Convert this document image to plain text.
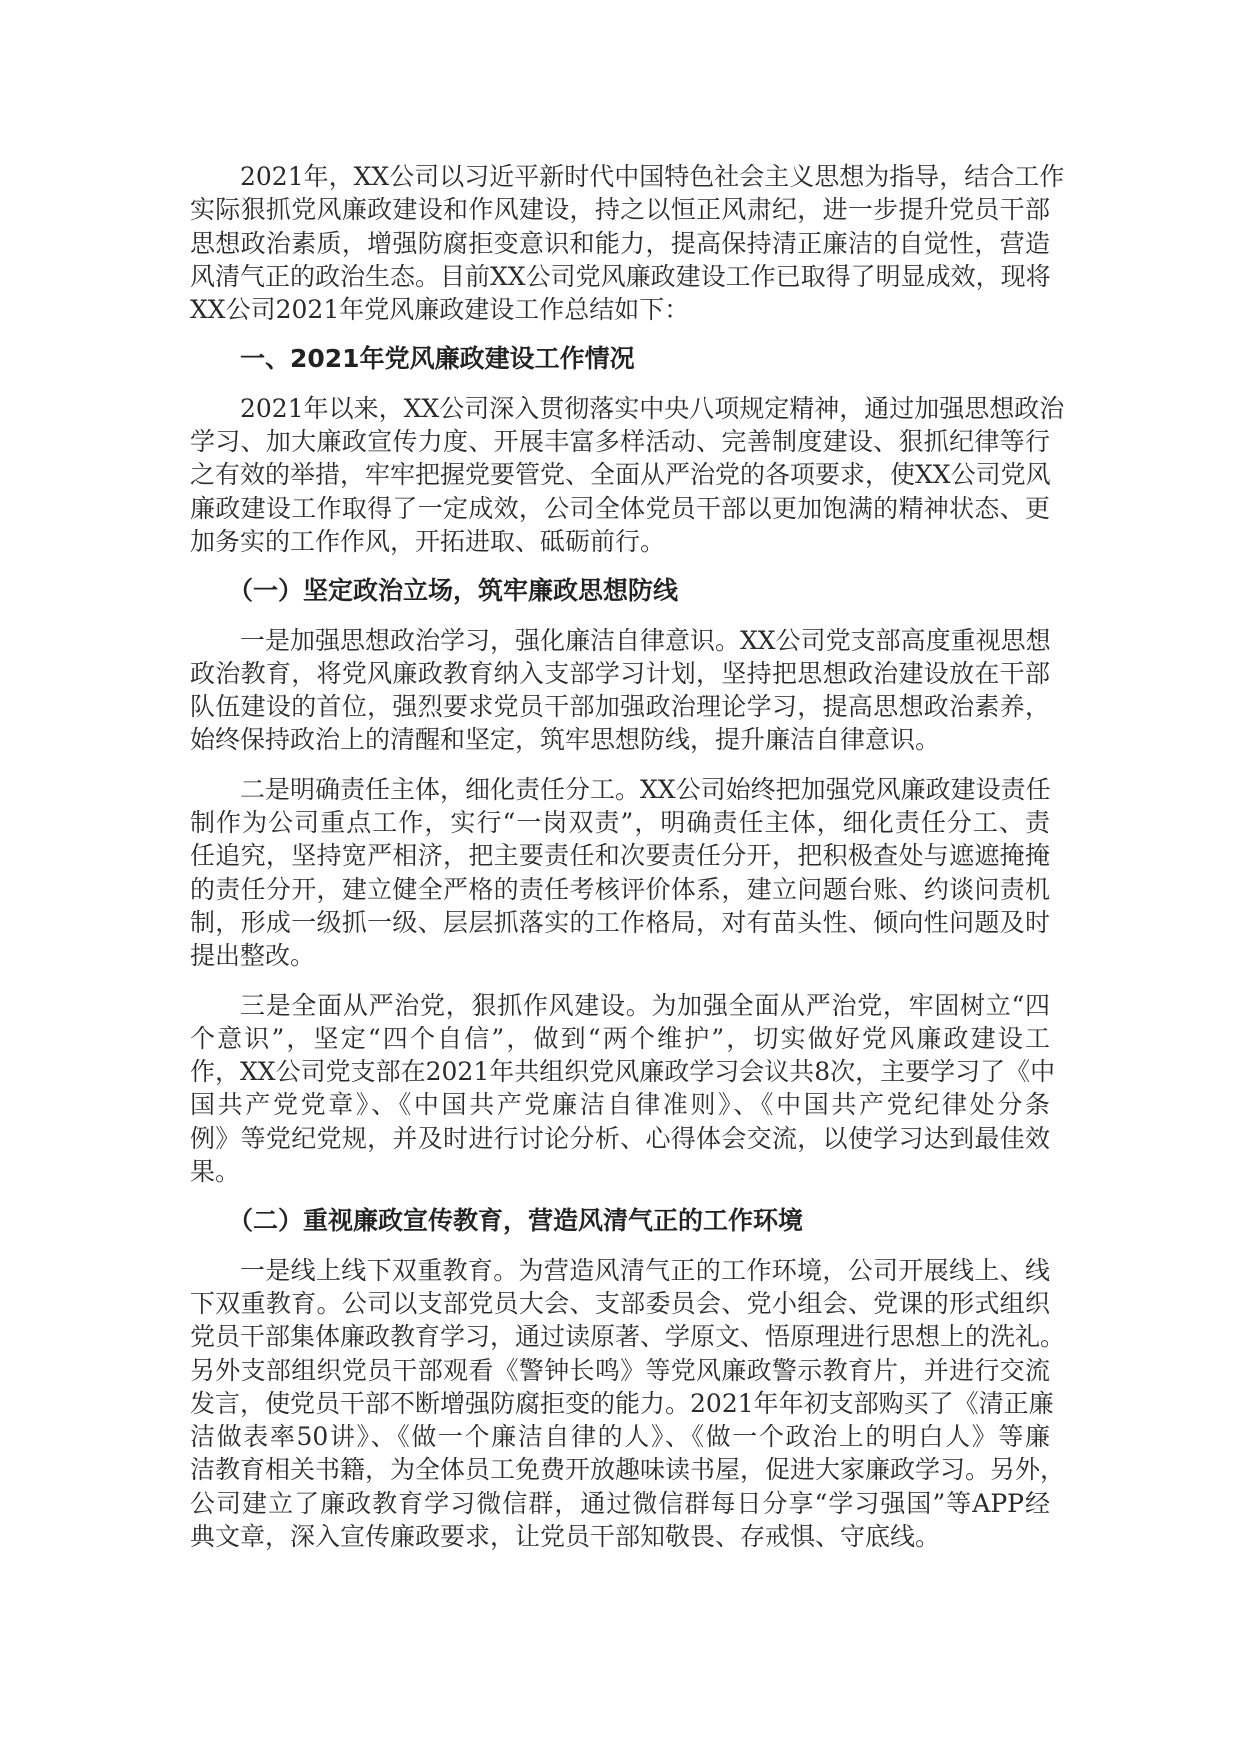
2021年，XX公司以习近平新时代中国特色社会主义思想为指导，结合工作
实际狠抓党风廉政建设和作风建设，持之以恒正风肃纪，进一步提升党员干部
思想政治素质，增强防腐拒变意识和能力，提高保持清正廉洁的自觉性，营造
风清气正的政治生态。目前XX公司党风廉政建设工作已取得了明显成效，现将
XX公司2021年党风廉政建设工作总结如下：
一、2021年党风廉政建设工作情况
2021年以来，XX公司深入贯彻落实中央八项规定精神，通过加强思想政治
学习、加大廉政宣传力度、开展丰富多样活动、完善制度建设、狠抓纪律等行
之有效的举措，牢牢把握党要管党、全面从严治党的各项要求，使XX公司党风
廉政建设工作取得了一定成效，公司全体党员干部以更加饱满的精神状态、更
加务实的工作作风，开拓进取、砥砺前行。
（一）坚定政治立场，筑牢廉政思想防线
一是加强思想政治学习，强化廉洁自律意识。XX公司党支部高度重视思想
政治教育，将党风廉政教育纳入支部学习计划，坚持把思想政治建设放在干部
队伍建设的首位，强烈要求党员干部加强政治理论学习，提高思想政治素养，
始终保持政治上的清醒和坚定，筑牢思想防线，提升廉洁自律意识。
二是明确责任主体，细化责任分工。XX公司始终把加强党风廉政建设责任
制作为公司重点工作，实行“一岗双责”，明确责任主体，细化责任分工、责
任追究，坚持宽严相济，把主要责任和次要责任分开，把积极查处与遮遮掩掩
的责任分开，建立健全严格的责任考核评价体系，建立问题台账、约谈问责机
制，形成一级抓一级、层层抓落实的工作格局，对有苗头性、倾向性问题及时
提出整改。
三是全面从严治党，狠抓作风建设。为加强全面从严治党，牢固树立“四
个意识”，坚定“四个自信”，做到“两个维护”，切实做好党风廉政建设工
作，XX公司党支部在2021年共组织党风廉政学习会议共8次，主要学习了《中
国共产党党章》、《中国共产党廉洁自律准则》、《中国共产党纪律处分条
例》等党纪党规，并及时进行讨论分析、心得体会交流，以使学习达到最佳效
果。
（二）重视廉政宣传教育，营造风清气正的工作环境
一是线上线下双重教育。为营造风清气正的工作环境，公司开展线上、线
下双重教育。公司以支部党员大会、支部委员会、党小组会、党课的形式组织
党员干部集体廉政教育学习，通过读原著、学原文、悟原理进行思想上的洗礼。
另外支部组织党员干部观看《警钟长鸣》等党风廉政警示教育片，并进行交流
发言，使党员干部不断增强防腐拒变的能力。2021年年初支部购买了《清正廉
洁做表率50讲》、《做一个廉洁自律的人》、《做一个政治上的明白人》等廉
洁教育相关书籍，为全体员工免费开放趣味读书屋，促进大家廉政学习。另外，
公司建立了廉政教育学习微信群，通过微信群每日分享“学习强国”等APP经
典文章，深入宣传廉政要求，让党员干部知敬畏、存戒惧、守底线。
